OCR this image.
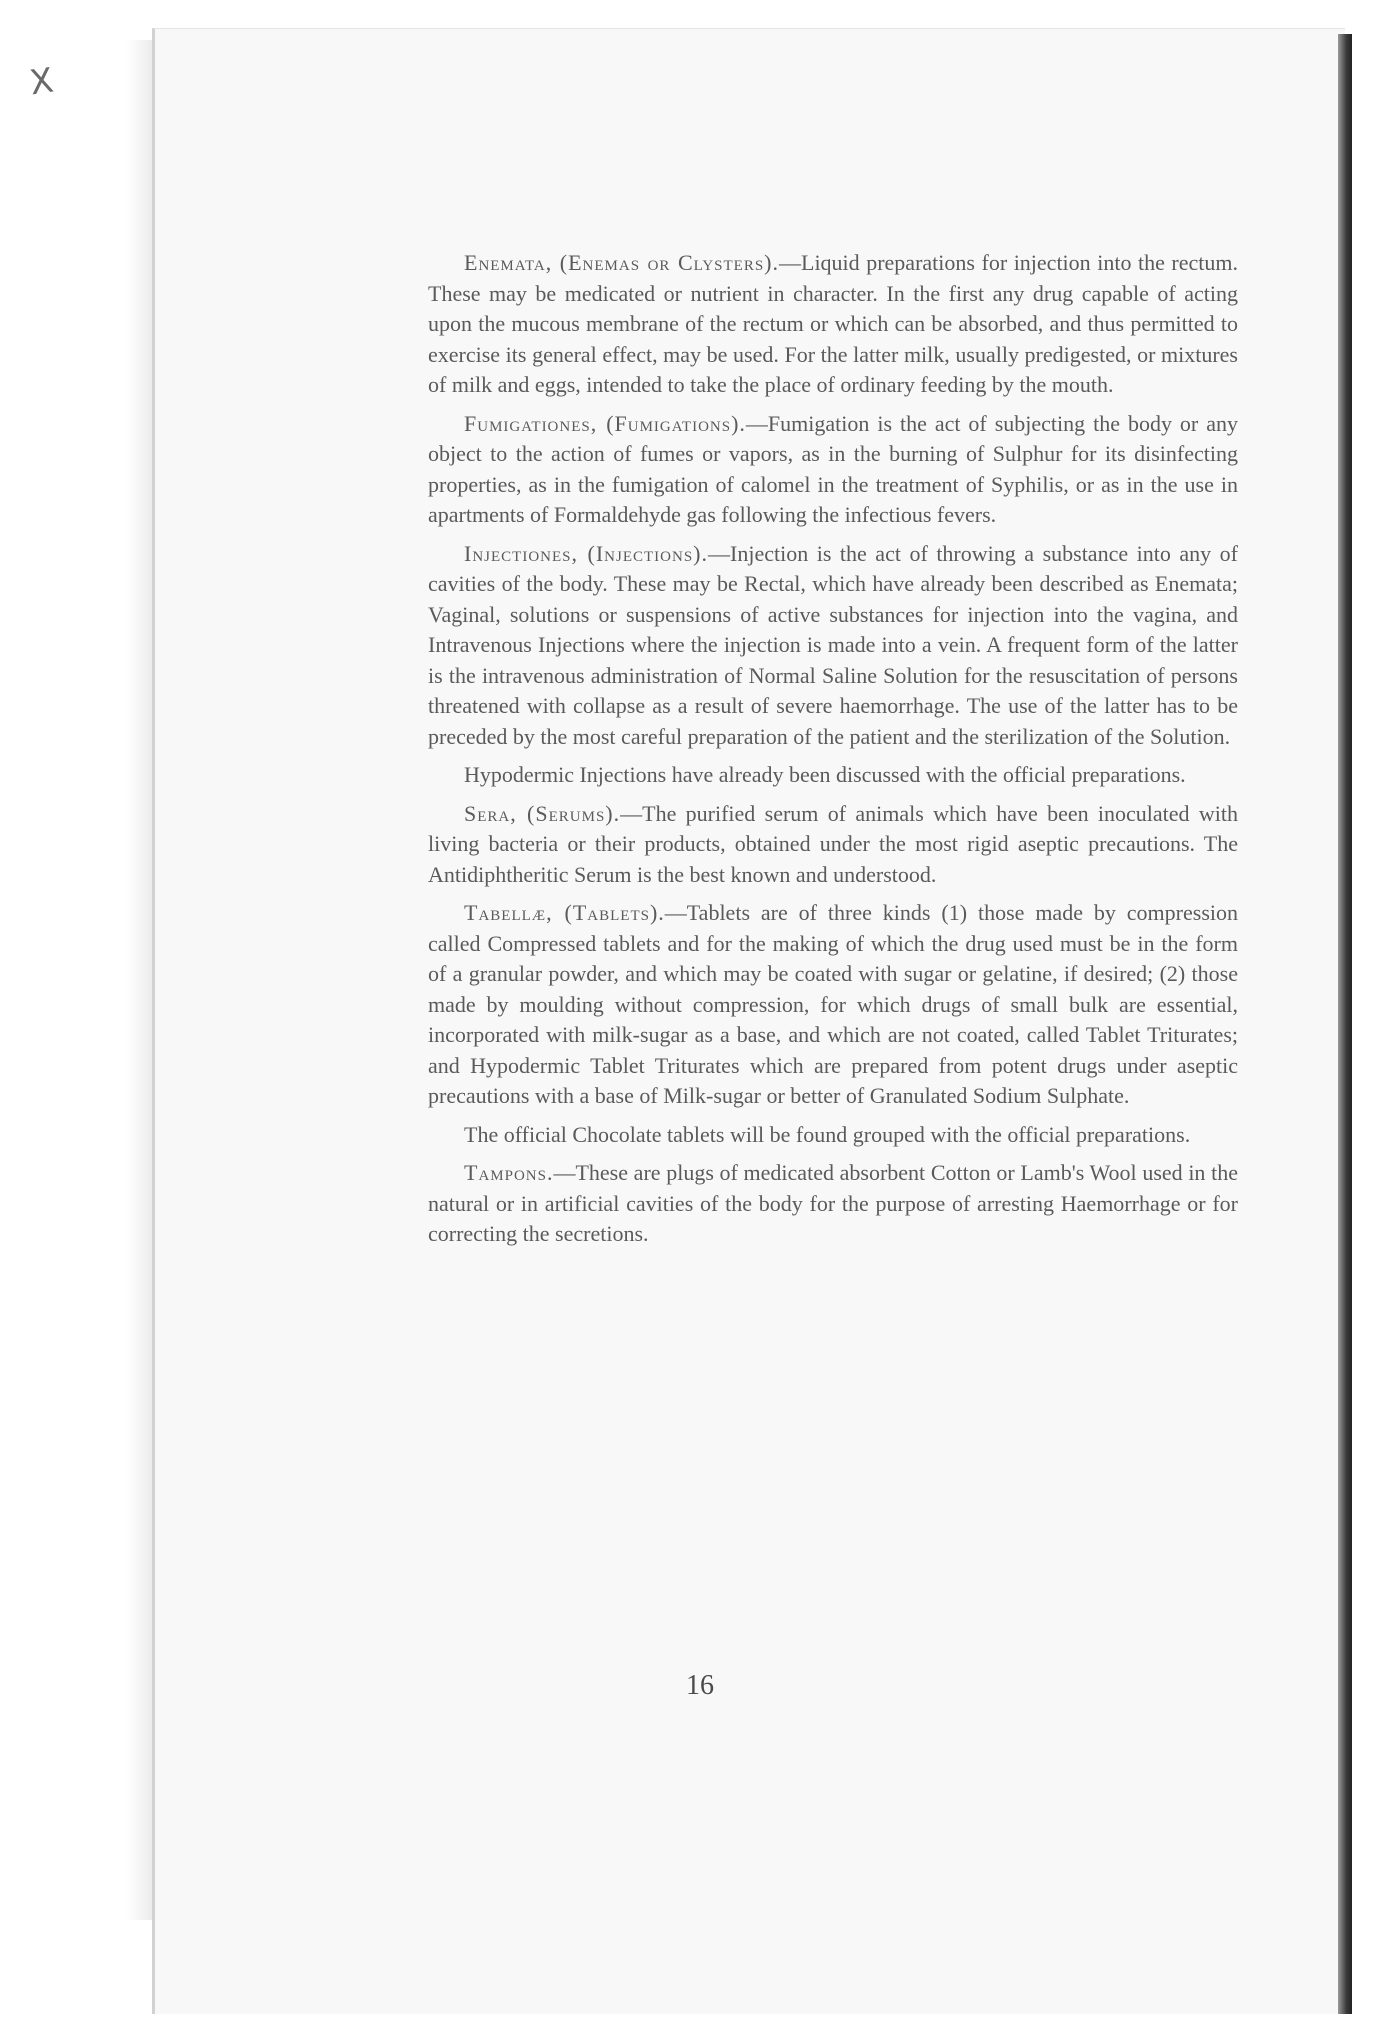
X

Enemata, (Enemas or Clysters).—Liquid preparations for injection into the rectum. These may be medicated or nutrient in character. In the first any drug capable of acting upon the mucous membrane of the rectum or which can be absorbed, and thus permitted to exercise its general effect, may be used. For the latter milk, usually predigested, or mixtures of milk and eggs, intended to take the place of ordinary feeding by the mouth.

Fumigationes, (Fumigations).—Fumigation is the act of subjecting the body or any object to the action of fumes or vapors, as in the burning of Sulphur for its disinfecting properties, as in the fumigation of calomel in the treatment of Syphilis, or as in the use in apartments of Formaldehyde gas following the infectious fevers.

Injectiones, (Injections).—Injection is the act of throwing a substance into any of cavities of the body. These may be Rectal, which have already been described as Enemata; Vaginal, solutions or suspensions of active substances for injection into the vagina, and Intravenous Injections where the injection is made into a vein. A frequent form of the latter is the intravenous administration of Normal Saline Solution for the resuscitation of persons threatened with collapse as a result of severe haemorrhage. The use of the latter has to be preceded by the most careful preparation of the patient and the sterilization of the Solution.

Hypodermic Injections have already been discussed with the official preparations.

Sera, (Serums).—The purified serum of animals which have been inoculated with living bacteria or their products, obtained under the most rigid aseptic precautions. The Antidiphtheritic Serum is the best known and understood.

Tabellæ, (Tablets).—Tablets are of three kinds (1) those made by compression called Compressed tablets and for the making of which the drug used must be in the form of a granular powder, and which may be coated with sugar or gelatine, if desired; (2) those made by moulding without compression, for which drugs of small bulk are essential, incorporated with milk-sugar as a base, and which are not coated, called Tablet Triturates; and Hypodermic Tablet Triturates which are prepared from potent drugs under aseptic precautions with a base of Milk-sugar or better of Granulated Sodium Sulphate.

The official Chocolate tablets will be found grouped with the official preparations.

Tampons.—These are plugs of medicated absorbent Cotton or Lamb's Wool used in the natural or in artificial cavities of the body for the purpose of arresting Haemorrhage or for correcting the secretions.

16
